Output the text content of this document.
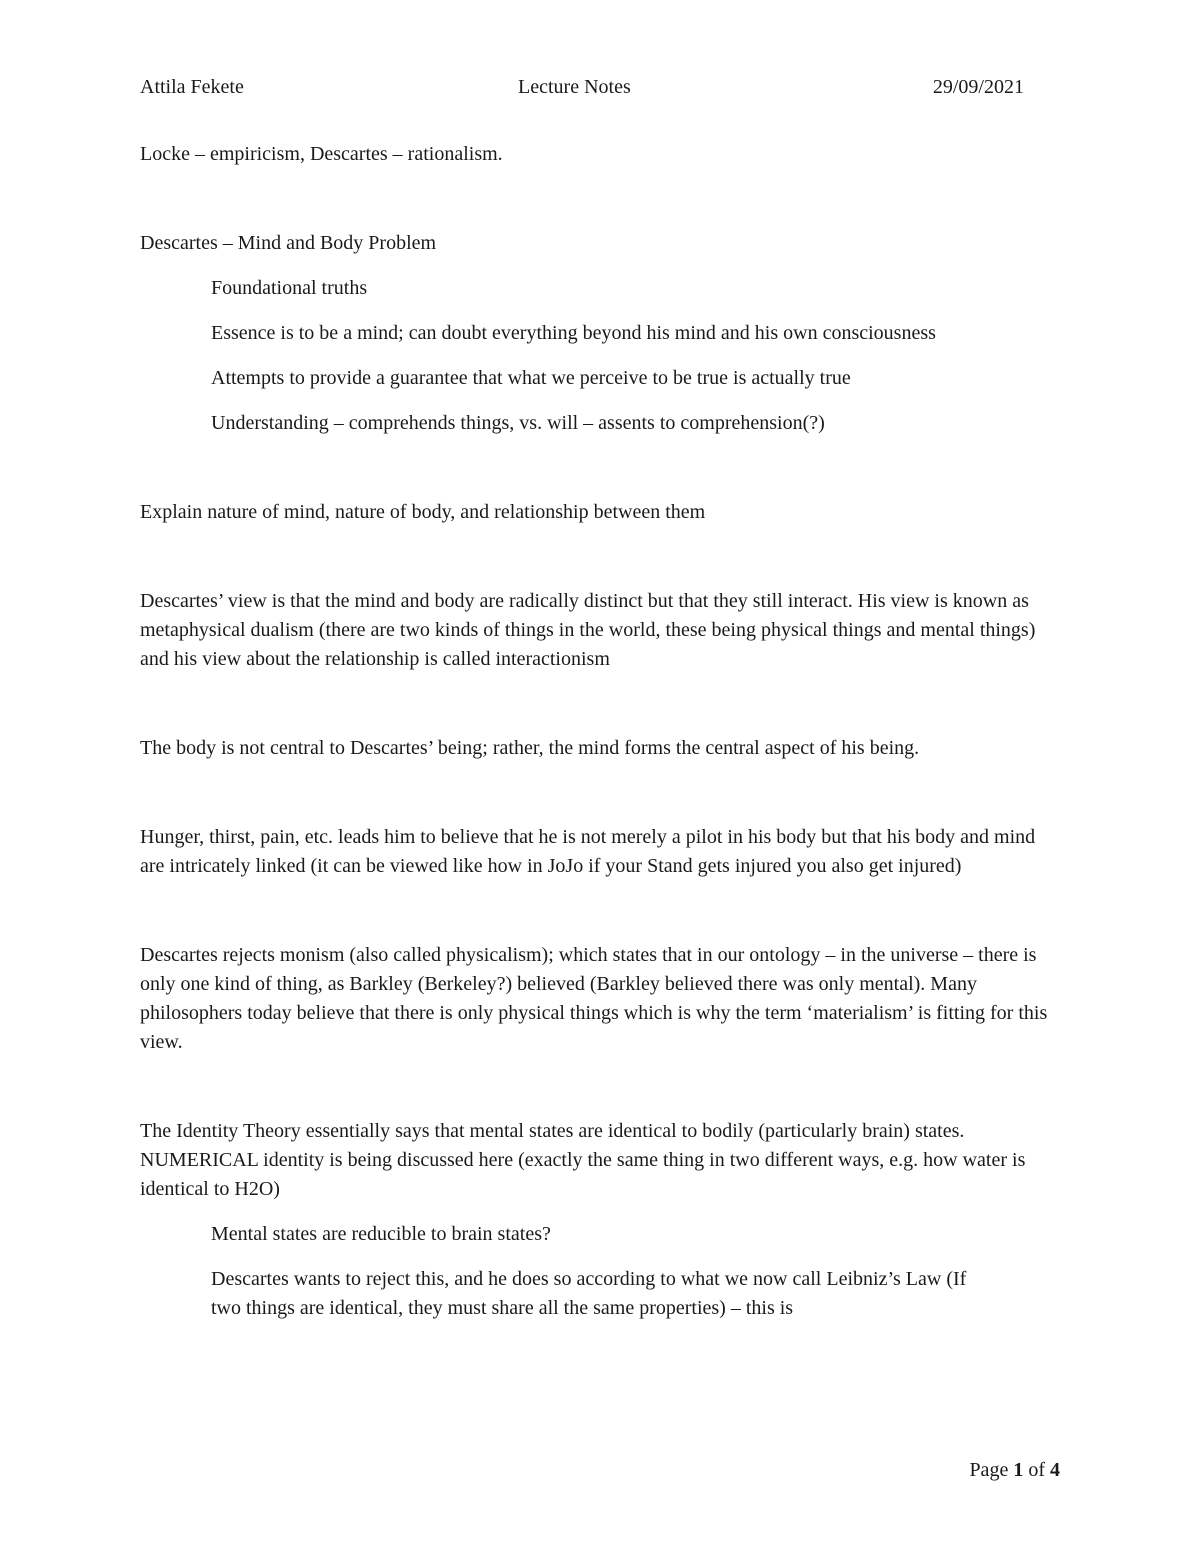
Attila Fekete	Lecture Notes	29/09/2021

Locke – empiricism, Descartes – rationalism.

Descartes – Mind and Body Problem

Foundational truths

Essence is to be a mind; can doubt everything beyond his mind and his own consciousness

Attempts to provide a guarantee that what we perceive to be true is actually true

Understanding – comprehends things, vs. will – assents to comprehension(?)

Explain nature of mind, nature of body, and relationship between them

Descartes’ view is that the mind and body are radically distinct but that they still interact. His view is known as metaphysical dualism (there are two kinds of things in the world, these being physical things and mental things) and his view about the relationship is called interactionism

The body is not central to Descartes’ being; rather, the mind forms the central aspect of his being.

Hunger, thirst, pain, etc. leads him to believe that he is not merely a pilot in his body but that his body and mind are intricately linked (it can be viewed like how in JoJo if your Stand gets injured you also get injured)

Descartes rejects monism (also called physicalism); which states that in our ontology – in the universe – there is only one kind of thing, as Barkley (Berkeley?) believed (Barkley believed there was only mental). Many philosophers today believe that there is only physical things which is why the term ‘materialism’ is fitting for this view.

The Identity Theory essentially says that mental states are identical to bodily (particularly brain) states. NUMERICAL identity is being discussed here (exactly the same thing in two different ways, e.g. how water is identical to H2O)

Mental states are reducible to brain states?

Descartes wants to reject this, and he does so according to what we now call Leibniz’s Law (If two things are identical, they must share all the same properties) – this is

Page 1 of 4
